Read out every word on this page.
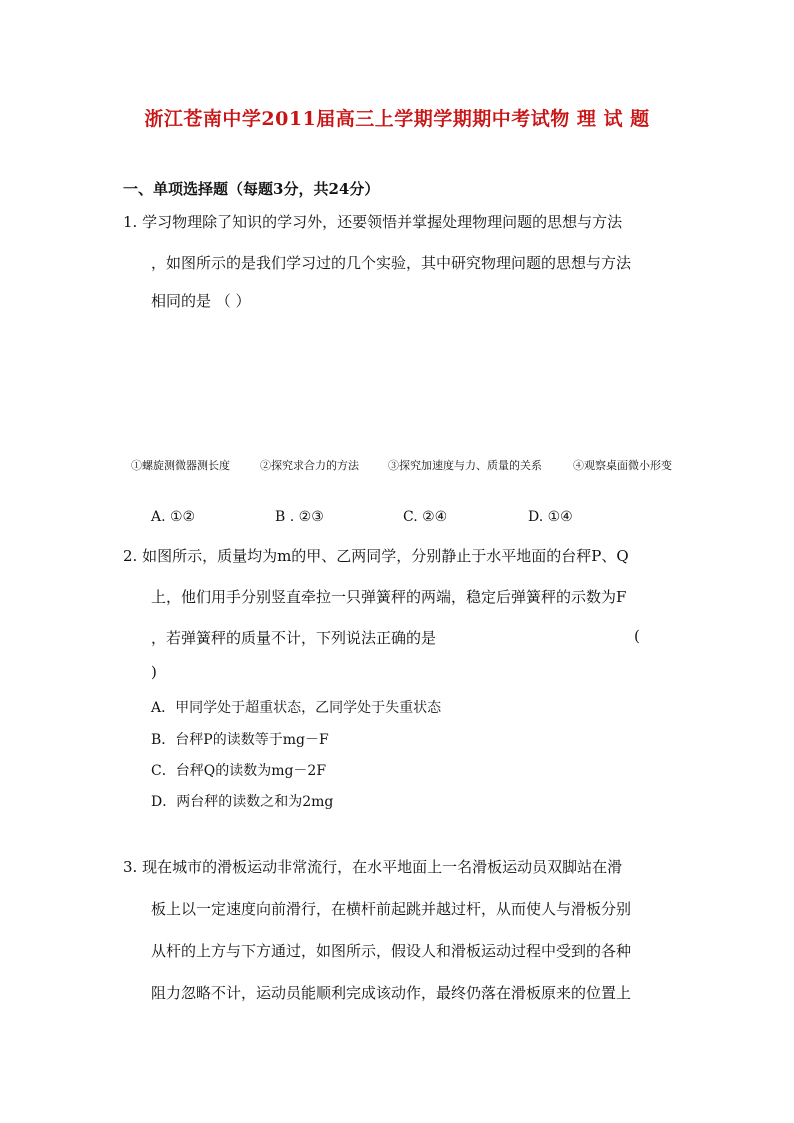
浙江苍南中学2011届高三上学期学期期中考试物 理 试 题
一、单项选择题（每题3分，共24分）
1. 学习物理除了知识的学习外，还要领悟并掌握处理物理问题的思想与方法
，如图所示的是我们学习过的几个实验，其中研究物理问题的思想与方法
相同的是 （ ）
①螺旋测微器测长度	②探究求合力的方法	③探究加速度与力、质量的关系	④观察桌面微小形变
A. ①②	B . ②③	C. ②④	D. ①④
2. 如图所示，质量均为m的甲、乙两同学，分别静止于水平地面的台秤P、Q
上，他们用手分别竖直牵拉一只弹簧秤的两端，稳定后弹簧秤的示数为F
，若弹簧秤的质量不计，下列说法正确的是	(
)
A．甲同学处于超重状态，乙同学处于失重状态
B．台秤P的读数等于mg－F
C．台秤Q的读数为mg－2F
D．两台秤的读数之和为2mg
3. 现在城市的滑板运动非常流行，在水平地面上一名滑板运动员双脚站在滑
板上以一定速度向前滑行，在横杆前起跳并越过杆，从而使人与滑板分别
从杆的上方与下方通过，如图所示，假设人和滑板运动过程中受到的各种
阻力忽略不计，运动员能顺利完成该动作，最终仍落在滑板原来的位置上
